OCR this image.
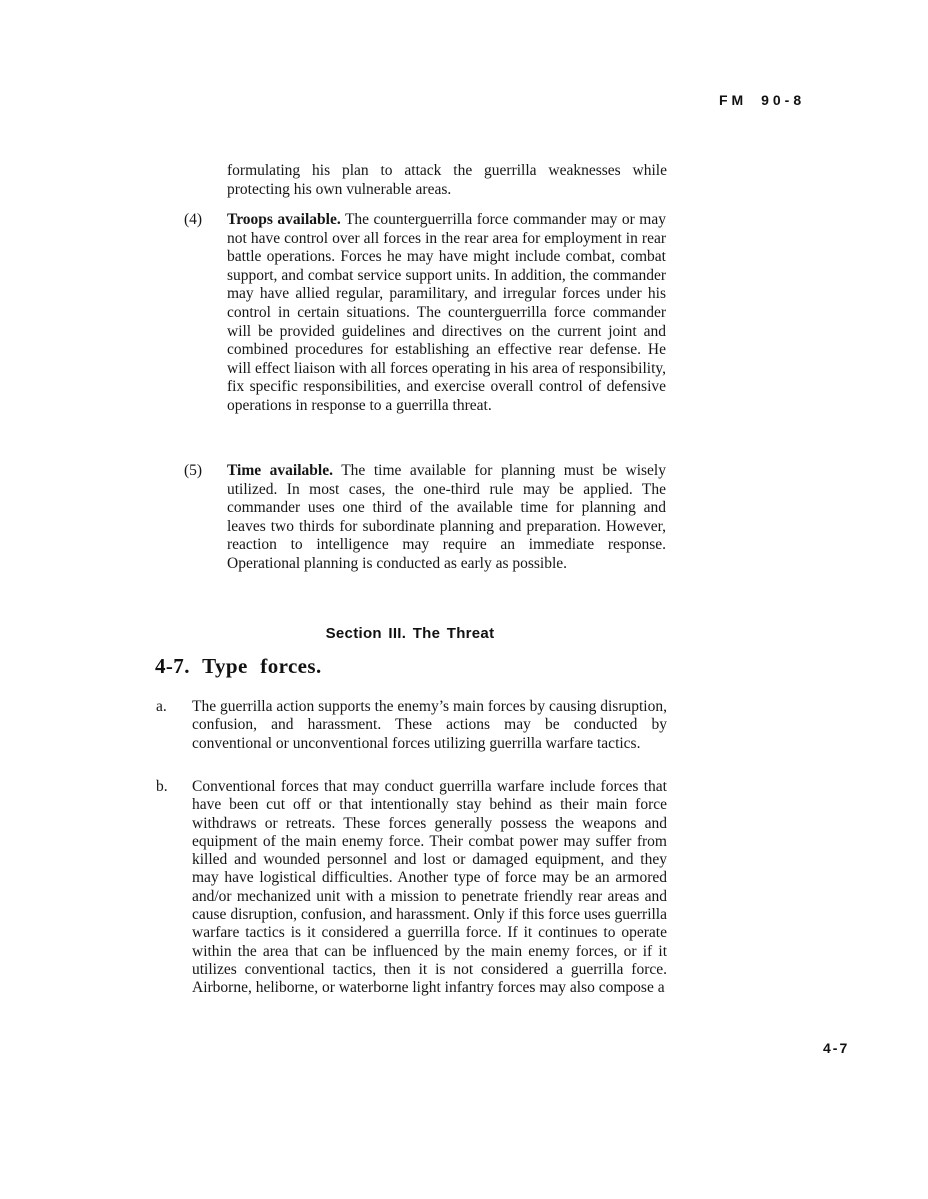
FM 90-8

formulating his plan to attack the guerrilla weaknesses while protecting his own vulnerable areas.

(4)	Troops available. The counterguerrilla force commander may or may not have control over all forces in the rear area for employment in rear battle operations. Forces he may have might include combat, combat support, and combat service support units. In addition, the commander may have allied regular, paramilitary, and irregular forces under his control in certain situations. The counterguerrilla force commander will be provided guidelines and directives on the current joint and combined procedures for establishing an effective rear defense. He will effect liaison with all forces operating in his area of responsibility, fix specific responsibilities, and exercise overall control of defensive operations in response to a guerrilla threat.

(5)	Time available. The time available for planning must be wisely utilized. In most cases, the one-third rule may be applied. The commander uses one third of the available time for planning and leaves two thirds for subordinate planning and preparation. However, reaction to intelligence may require an immediate response. Operational planning is conducted as early as possible.

Section III. The Threat
4-7. Type forces.
a.	The guerrilla action supports the enemy’s main forces by causing disruption, confusion, and harassment. These actions may be conducted by conventional or unconventional forces utilizing guerrilla warfare tactics.

b.	Conventional forces that may conduct guerrilla warfare include forces that have been cut off or that intentionally stay behind as their main force withdraws or retreats. These forces generally possess the weapons and equipment of the main enemy force. Their combat power may suffer from killed and wounded personnel and lost or damaged equipment, and they may have logistical difficulties. Another type of force may be an armored and/or mechanized unit with a mission to penetrate friendly rear areas and cause disruption, confusion, and harassment. Only if this force uses guerrilla warfare tactics is it considered a guerrilla force. If it continues to operate within the area that can be influenced by the main enemy forces, or if it utilizes conventional tactics, then it is not considered a guerrilla force. Airborne, heliborne, or waterborne light infantry forces may also compose a

4-7
